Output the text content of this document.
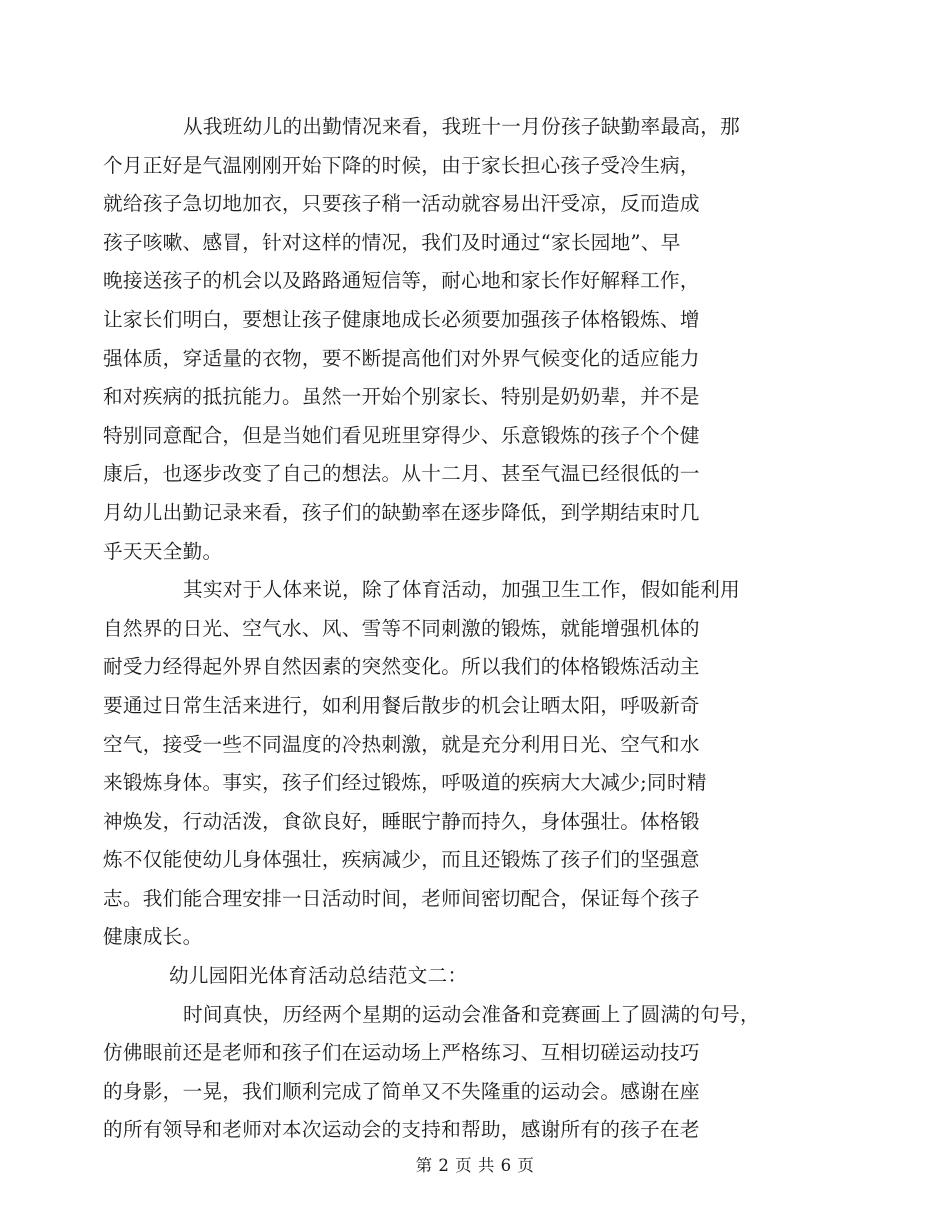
从我班幼儿的出勤情况来看，我班十一月份孩子缺勤率最高，那
个月正好是气温刚刚开始下降的时候，由于家长担心孩子受冷生病，
就给孩子急切地加衣，只要孩子稍一活动就容易出汗受凉，反而造成
孩子咳嗽、感冒，针对这样的情况，我们及时通过“家长园地”、早
晚接送孩子的机会以及路路通短信等，耐心地和家长作好解释工作，
让家长们明白，要想让孩子健康地成长必须要加强孩子体格锻炼、增
强体质，穿适量的衣物，要不断提高他们对外界气候变化的适应能力
和对疾病的抵抗能力。虽然一开始个别家长、特别是奶奶辈，并不是
特别同意配合，但是当她们看见班里穿得少、乐意锻炼的孩子个个健
康后，也逐步改变了自己的想法。从十二月、甚至气温已经很低的一
月幼儿出勤记录来看，孩子们的缺勤率在逐步降低，到学期结束时几
乎天天全勤。

其实对于人体来说，除了体育活动，加强卫生工作，假如能利用
自然界的日光、空气水、风、雪等不同刺激的锻炼，就能增强机体的
耐受力经得起外界自然因素的突然变化。所以我们的体格锻炼活动主
要通过日常生活来进行，如利用餐后散步的机会让晒太阳，呼吸新奇
空气，接受一些不同温度的冷热刺激，就是充分利用日光、空气和水
来锻炼身体。事实，孩子们经过锻炼，呼吸道的疾病大大减少;同时精
神焕发，行动活泼，食欲良好，睡眠宁静而持久，身体强壮。体格锻
炼不仅能使幼儿身体强壮，疾病减少，而且还锻炼了孩子们的坚强意
志。我们能合理安排一日活动时间，老师间密切配合，保证每个孩子
健康成长。

幼儿园阳光体育活动总结范文二：

时间真快，历经两个星期的运动会准备和竞赛画上了圆满的句号，
仿佛眼前还是老师和孩子们在运动场上严格练习、互相切磋运动技巧
的身影，一晃，我们顺利完成了简单又不失隆重的运动会。感谢在座
的所有领导和老师对本次运动会的支持和帮助，感谢所有的孩子在老

第 2 页 共 6 页
